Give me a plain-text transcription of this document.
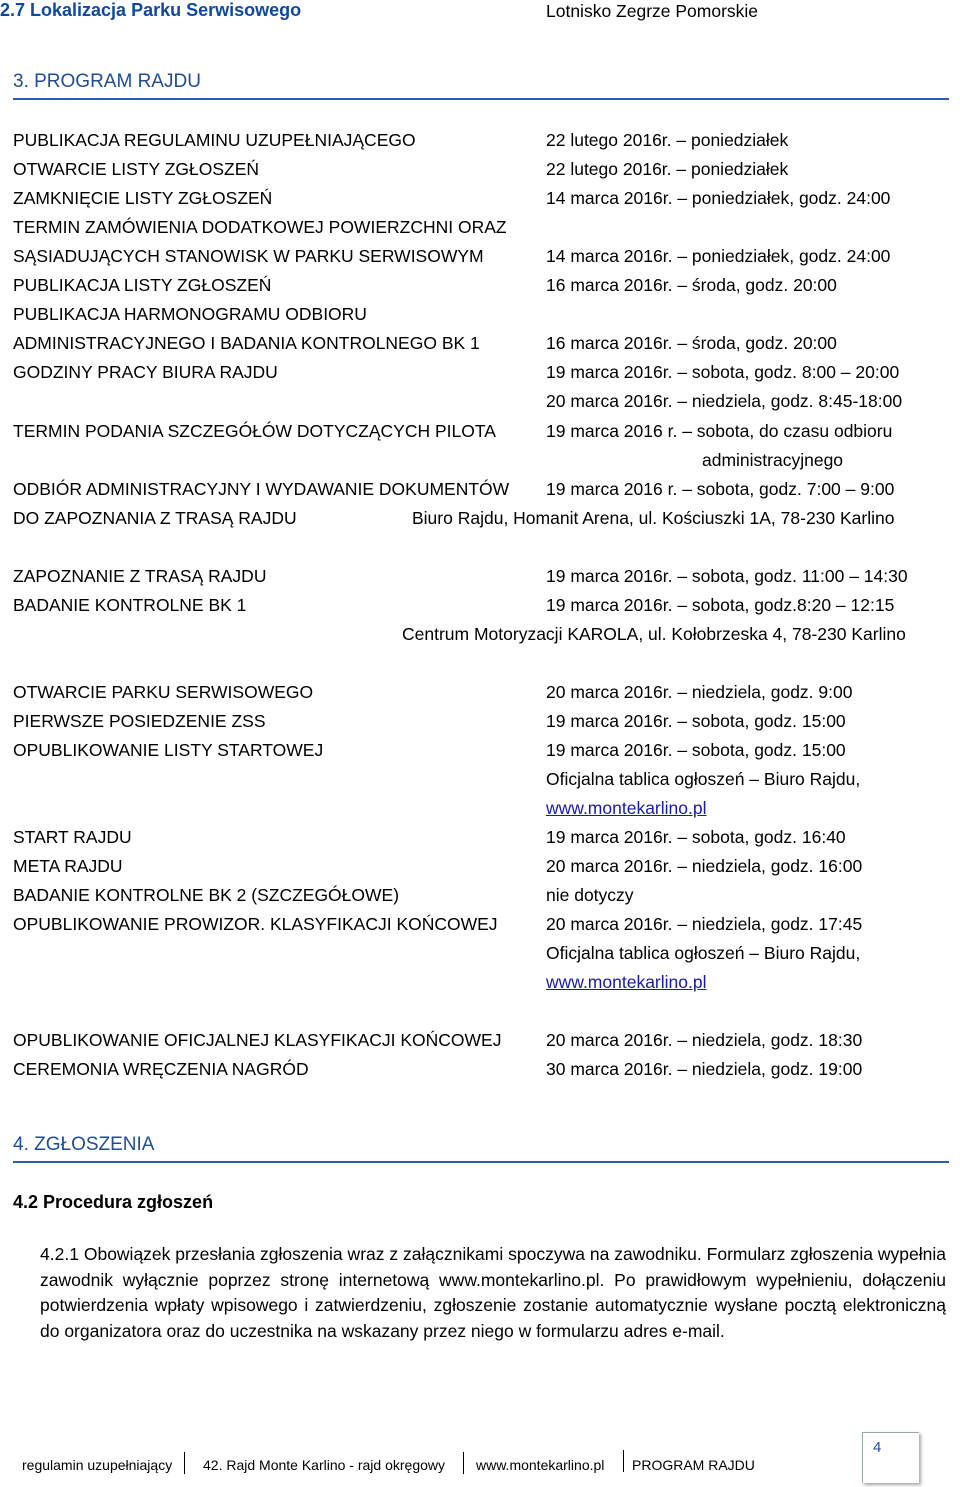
2.7 Lokalizacja Parku Serwisowego	Lotnisko Zegrze Pomorskie
3. PROGRAM RAJDU
PUBLIKACJA REGULAMINU UZUPEŁNIAJĄCEGO	22 lutego 2016r. – poniedziałek
OTWARCIE LISTY ZGŁOSZEŃ	22 lutego 2016r. – poniedziałek
ZAMKNIĘCIE LISTY ZGŁOSZEŃ	14 marca 2016r. – poniedziałek, godz. 24:00
TERMIN ZAMÓWIENIA DODATKOWEJ POWIERZCHNI ORAZ
SĄSIADUJĄCYCH STANOWISK W PARKU SERWISOWYM	14 marca 2016r. – poniedziałek, godz. 24:00
PUBLIKACJA LISTY ZGŁOSZEŃ	16 marca 2016r. – środa, godz. 20:00
PUBLIKACJA HARMONOGRAMU ODBIORU
ADMINISTRACYJNEGO I BADANIA KONTROLNEGO BK 1	16 marca 2016r. – środa, godz. 20:00
GODZINY PRACY BIURA RAJDU	19 marca 2016r. – sobota, godz. 8:00 – 20:00
20 marca 2016r. – niedziela, godz. 8:45-18:00
TERMIN PODANIA SZCZEGÓŁÓW DOTYCZĄCYCH PILOTA	19 marca 2016 r. – sobota, do czasu odbioru
administracyjnego
ODBIÓR ADMINISTRACYJNY I WYDAWANIE DOKUMENTÓW 19 marca 2016 r. – sobota, godz. 7:00 – 9:00
DO ZAPOZNANIA Z TRASĄ RAJDU	Biuro Rajdu, Homanit Arena, ul. Kościuszki 1A, 78-230 Karlino
ZAPOZNANIE Z TRASĄ RAJDU	19 marca 2016r. – sobota, godz. 11:00 – 14:30
BADANIE KONTROLNE BK 1	19 marca 2016r. – sobota, godz.8:20 – 12:15
Centrum Motoryzacji KAROLA, ul. Kołobrzeska 4, 78-230 Karlino
OTWARCIE PARKU SERWISOWEGO	20 marca 2016r. – niedziela, godz. 9:00
PIERWSZE POSIEDZENIE ZSS	19 marca 2016r. – sobota, godz. 15:00
OPUBLIKOWANIE LISTY STARTOWEJ	19 marca 2016r. – sobota, godz. 15:00
Oficjalna tablica ogłoszeń – Biuro Rajdu,
www.montekarlino.pl
START RAJDU	19 marca 2016r. – sobota, godz. 16:40
META RAJDU	20 marca 2016r. – niedziela, godz. 16:00
BADANIE KONTROLNE BK 2 (SZCZEGÓŁOWE)	nie dotyczy
OPUBLIKOWANIE PROWIZOR. KLASYFIKACJI KOŃCOWEJ	20 marca 2016r. – niedziela, godz. 17:45
Oficjalna tablica ogłoszeń – Biuro Rajdu,
www.montekarlino.pl
OPUBLIKOWANIE OFICJALNEJ KLASYFIKACJI KOŃCOWEJ	20 marca 2016r. – niedziela, godz. 18:30
CEREMONIA WRĘCZENIA NAGRÓD	30 marca 2016r. – niedziela, godz. 19:00
4. ZGŁOSZENIA
4.2 Procedura zgłoszeń
4.2.1 Obowiązek przesłania zgłoszenia wraz z załącznikami spoczywa na zawodniku. Formularz zgłoszenia wypełnia zawodnik wyłącznie poprzez stronę internetową www.montekarlino.pl. Po prawidłowym wypełnieniu, dołączeniu potwierdzenia wpłaty wpisowego i zatwierdzeniu, zgłoszenie zostanie automatycznie wysłane pocztą elektroniczną do organizatora oraz do uczestnika na wskazany przez niego w formularzu adres e-mail.
regulamin uzupełniający 42. Rajd Monte Karlino - rajd okręgowy www.montekarlino.pl PROGRAM RAJDU
4
